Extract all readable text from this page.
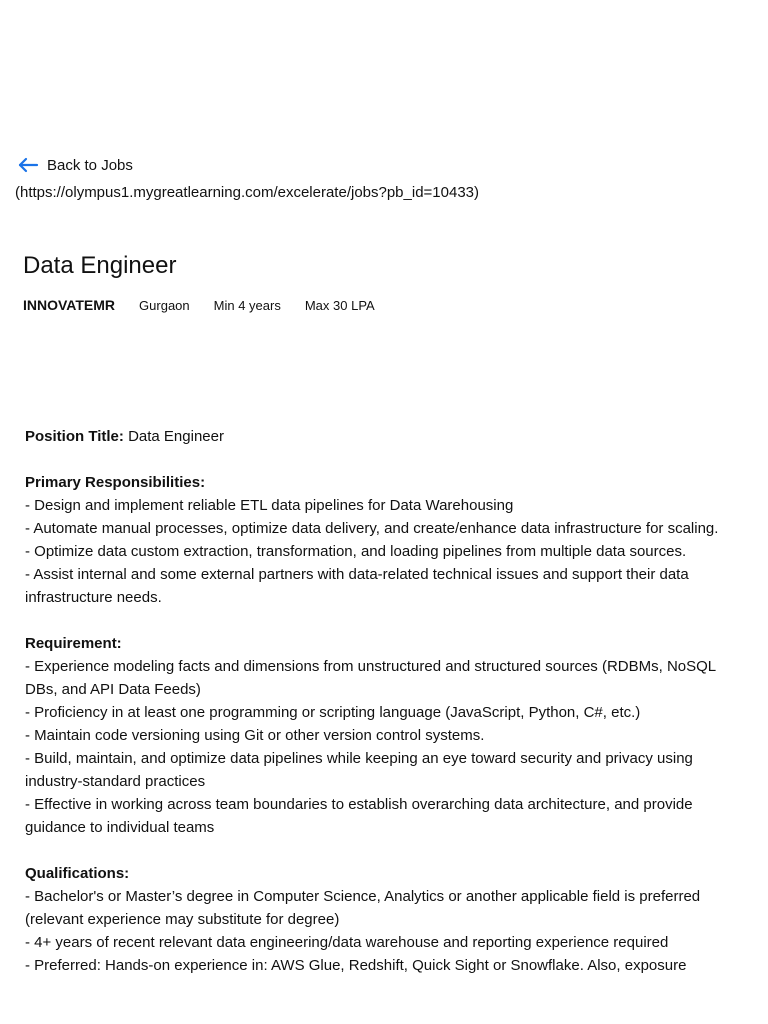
Back to Jobs
(https://olympus1.mygreatlearning.com/excelerate/jobs?pb_id=10433)
Data Engineer
INNOVATEMR Gurgaon Min 4 years Max 30 LPA

Position Title: Data Engineer

Primary Responsibilities:

- Design and implement reliable ETL data pipelines for Data Warehousing

- Automate manual processes, optimize data delivery, and create/enhance data infrastructure for scaling.

- Optimize data custom extraction, transformation, and loading pipelines from multiple data sources.

- Assist internal and some external partners with data-related technical issues and support their data infrastructure needs.

Requirement:

- Experience modeling facts and dimensions from unstructured and structured sources (RDBMs, NoSQL DBs, and API Data Feeds)

- Proficiency in at least one programming or scripting language (JavaScript, Python, C#, etc.)

- Maintain code versioning using Git or other version control systems.

- Build, maintain, and optimize data pipelines while keeping an eye toward security and privacy using industry-standard practices

- Effective in working across team boundaries to establish overarching data architecture, and provide guidance to individual teams

Qualifications:

- Bachelor's or Master’s degree in Computer Science, Analytics or another applicable field is preferred (relevant experience may substitute for degree)

- 4+ years of recent relevant data engineering/data warehouse and reporting experience required

- Preferred: Hands-on experience in: AWS Glue, Redshift, Quick Sight or Snowflake. Also, exposure
